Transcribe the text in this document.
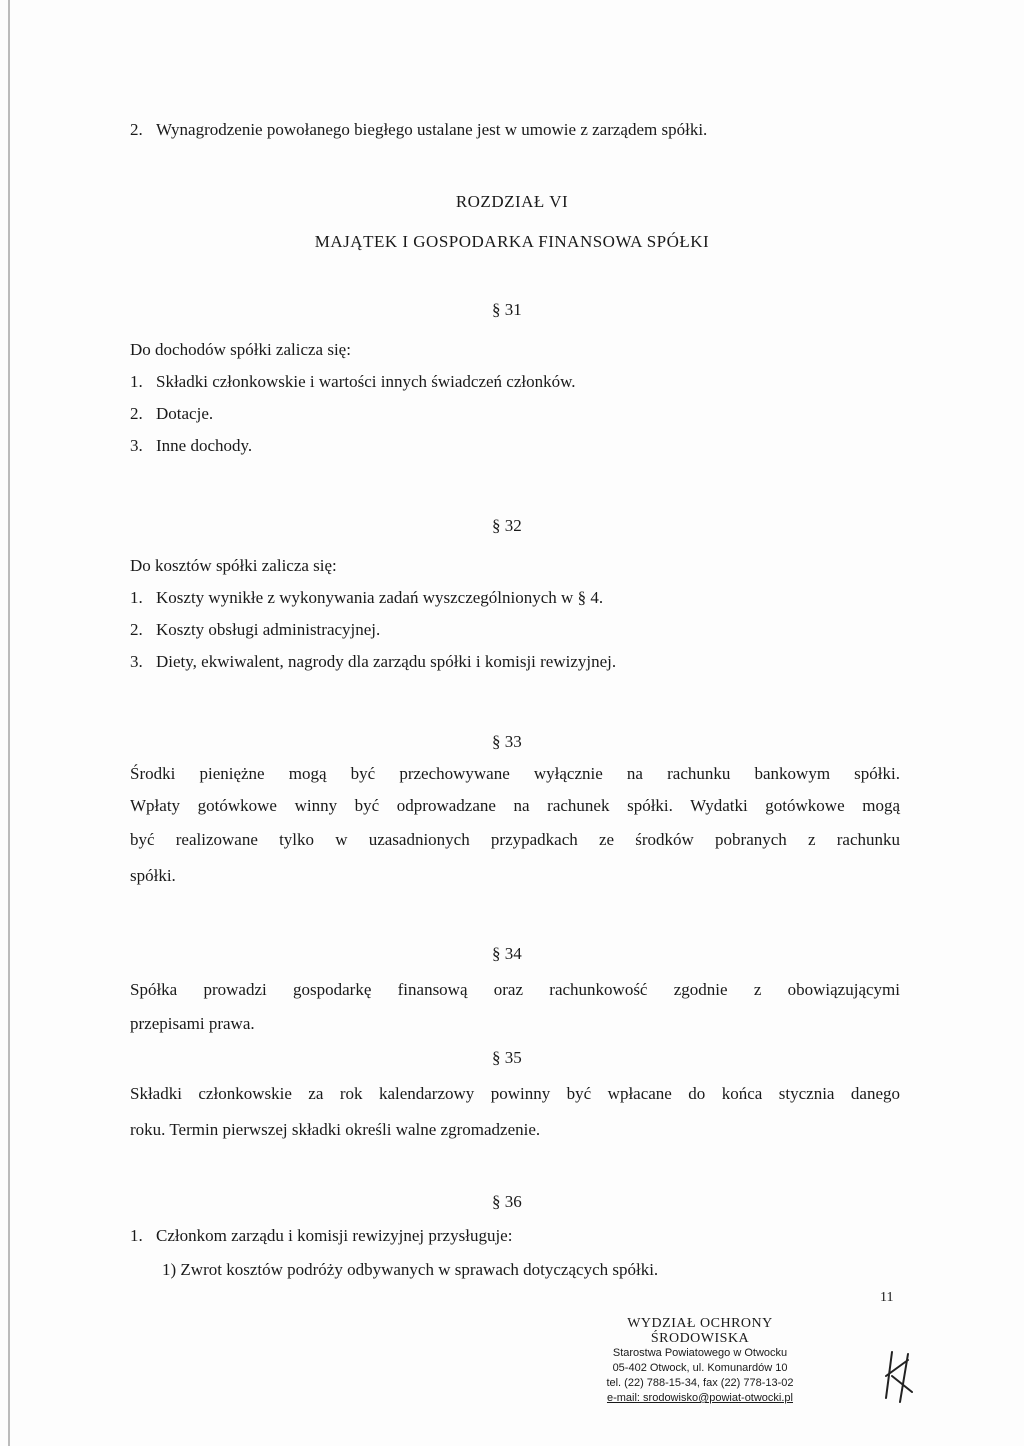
2. Wynagrodzenie powołanego biegłego ustalane jest w umowie z zarządem spółki.
ROZDZIAŁ VI
MAJĄTEK I GOSPODARKA FINANSOWA SPÓŁKI
§ 31
Do dochodów spółki zalicza się:
1. Składki członkowskie i wartości innych świadczeń członków.
2. Dotacje.
3. Inne dochody.
§ 32
Do kosztów spółki zalicza się:
1. Koszty wynikłe z wykonywania zadań wyszczególnionych w § 4.
2. Koszty obsługi administracyjnej.
3. Diety, ekwiwalent, nagrody dla zarządu spółki i komisji rewizyjnej.
§ 33
Środki pieniężne mogą być przechowywane wyłącznie na rachunku bankowym spółki.
Wpłaty gotówkowe winny być odprowadzane na rachunek spółki. Wydatki gotówkowe mogą
być realizowane tylko w uzasadnionych przypadkach ze środków pobranych z rachunku
spółki.
§ 34
Spółka prowadzi gospodarkę finansową oraz rachunkowość zgodnie z obowiązującymi
przepisami prawa.
§ 35
Składki członkowskie za rok kalendarzowy powinny być wpłacane do końca stycznia danego
roku. Termin pierwszej składki określi walne zgromadzenie.
§ 36
1. Członkom zarządu i komisji rewizyjnej przysługuje:
1) Zwrot kosztów podróży odbywanych w sprawach dotyczących spółki.
11
WYDZIAŁ OCHRONY
ŚRODOWISKA
Starostwa Powiatowego w Otwocku
05-402 Otwock, ul. Komunardów 10
tel. (22) 788-15-34, fax (22) 778-13-02
e-mail: srodowisko@powiat-otwocki.pl
